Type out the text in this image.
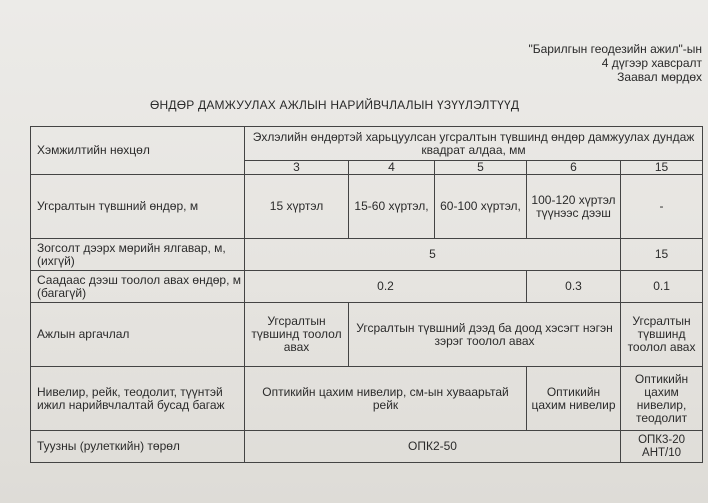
"Барилгын геодезийн ажил"-ын
4 дүгээр хавсралт
Заавал мөрдөх
ӨНДӨР ДАМЖУУЛАХ АЖЛЫН НАРИЙВЧЛАЛЫН ҮЗҮҮЛЭЛТҮҮД
Хэмжилтийн нөхцөл	Эхлэлийн өндөртэй харьцуулсан угсралтын түвшинд өндөр дамжуулах дундаж квадрат алдаа, мм				
	3	4	5	6	15
Угсралтын түвшний өндөр, м	15 хүртэл	15-60 хүртэл,	60-100 хүртэл,	100-120 хүртэл түүнээс дээш	-
Зогсолт дээрх мөрийн ялгавар, м, (ихгүй)	5				15
Саадаас дээш тоолол авах өндөр, м (багагүй)	0.2			0.3	0.1
Ажлын аргачлал	Угсралтын түвшинд тоолол авах	Угсралтын түвшний дээд ба доод хэсэгт нэгэн зэрэг тоолол авах			Угсралтын түвшинд тоолол авах
Нивелир, рейк, теодолит, түүнтэй ижил нарийвчлалтай бусад багаж	Оптикийн цахим нивелир, см-ын хуваарьтай рейк			Оптикийн цахим нивелир	Оптикийн цахим нивелир, теодолит
Туузны (рулеткийн) төрөл	ОПК2-50				ОПК3-20 АНТ/10
